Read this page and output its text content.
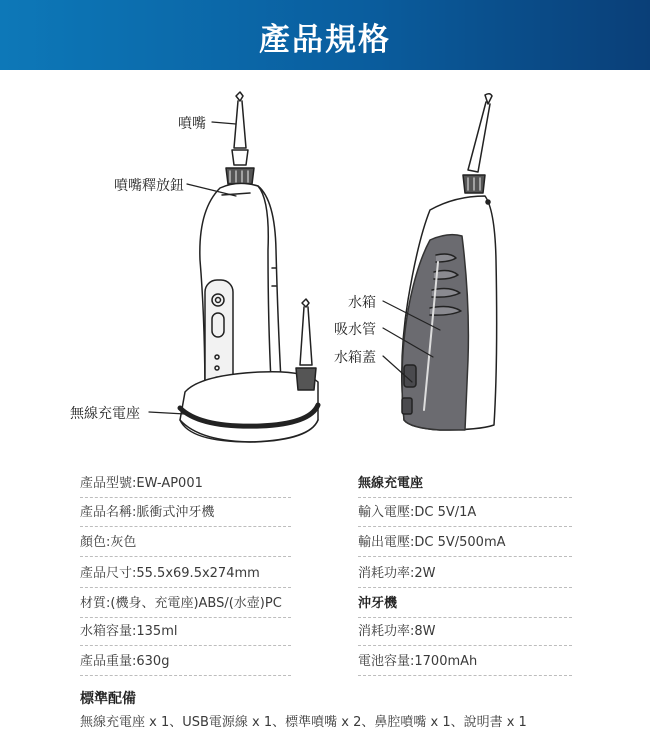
產品規格
噴嘴
噴嘴釋放鈕
無線充電座
水箱
吸水管
水箱蓋
產品型號:EW-AP001
產品名稱:脈衝式沖牙機
顏色:灰色
產品尺寸:55.5x69.5x274mm
材質:(機身、充電座)ABS/(水壺)PC
水箱容量:135ml
產品重量:630g
無線充電座
輸入電壓:DC 5V/1A
輸出電壓:DC 5V/500mA
消耗功率:2W
沖牙機
消耗功率:8W
電池容量:1700mAh
標準配備
無線充電座 x 1、USB電源線 x 1、標準噴嘴 x 2、鼻腔噴嘴 x 1、說明書 x 1
